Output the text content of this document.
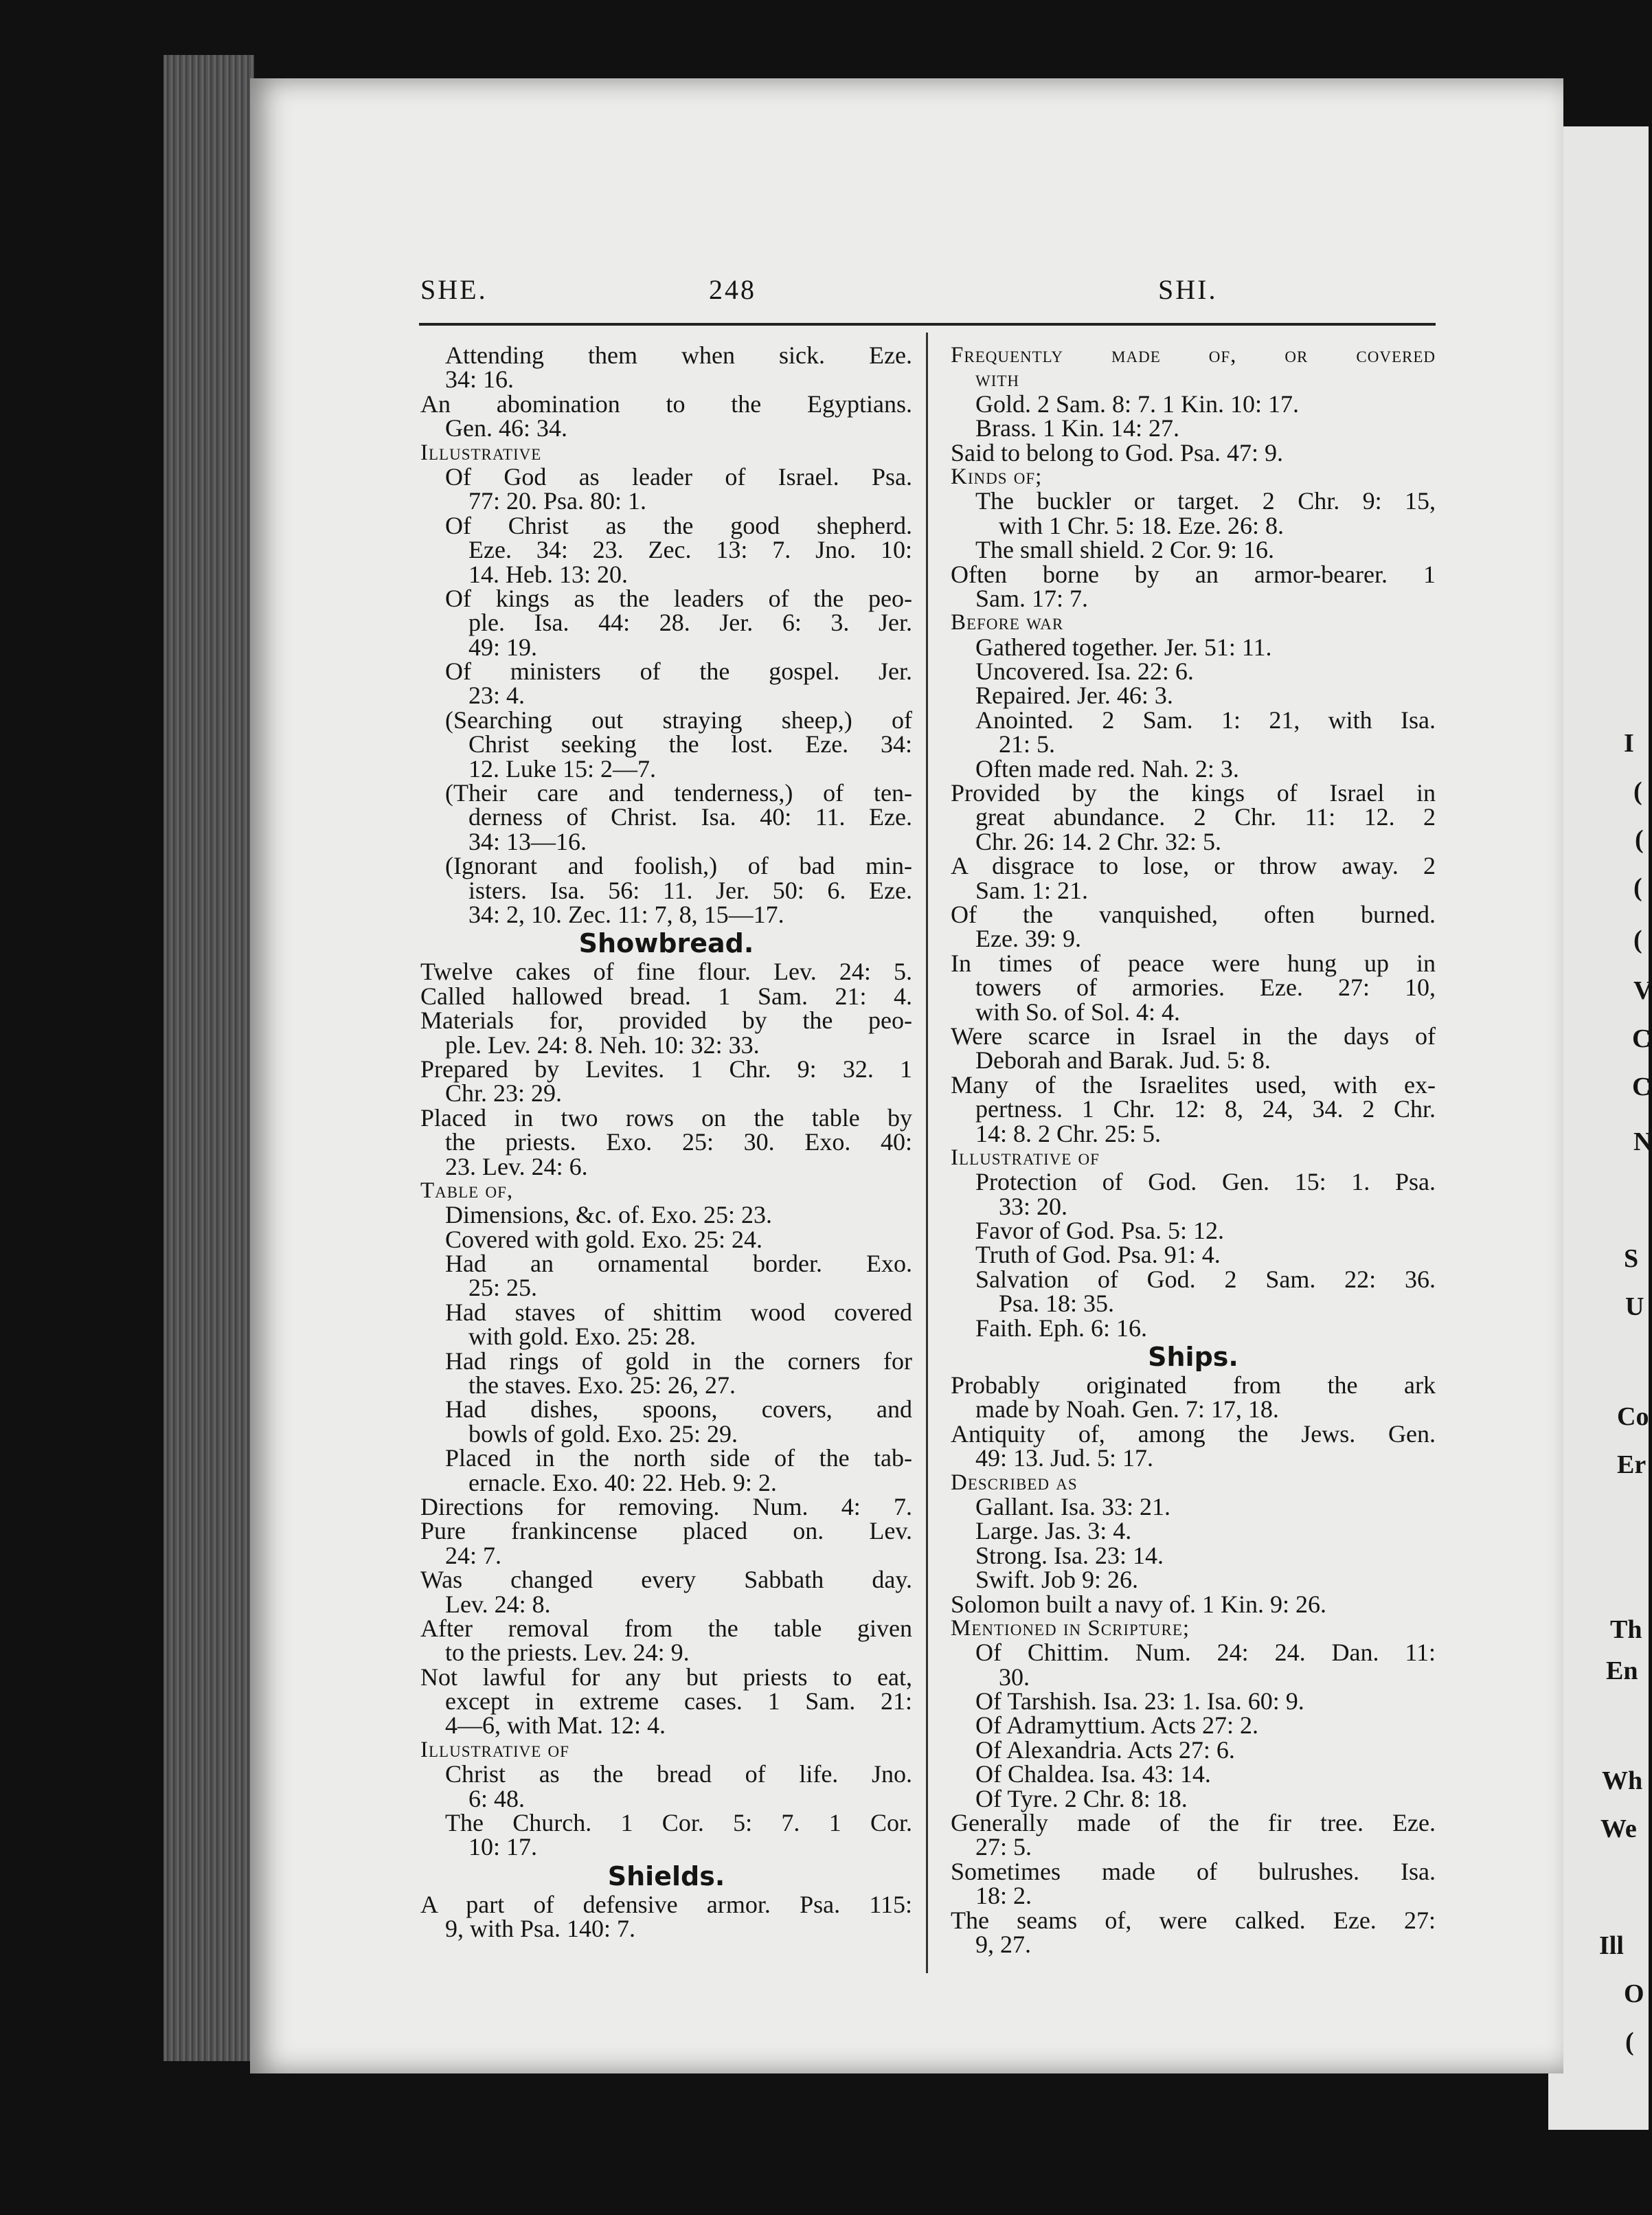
I
(
(
(
(
V
C
C
N
S
U
Co
Er
Th
En
Wh
We
Ill
O
(
SHE.	248	SHI.
Attending them when sick. Eze.
34: 16.
An abomination to the Egyptians.
Gen. 46: 34.
Illustrative
Of God as leader of Israel. Psa.
77: 20. Psa. 80: 1.
Of Christ as the good shepherd.
Eze. 34: 23. Zec. 13: 7. Jno. 10:
14. Heb. 13: 20.
Of kings as the leaders of the peo-
ple. Isa. 44: 28. Jer. 6: 3. Jer.
49: 19.
Of ministers of the gospel. Jer.
23: 4.
(Searching out straying sheep,) of
Christ seeking the lost. Eze. 34:
12. Luke 15: 2—7.
(Their care and tenderness,) of ten-
derness of Christ. Isa. 40: 11. Eze.
34: 13—16.
(Ignorant and foolish,) of bad min-
isters. Isa. 56: 11. Jer. 50: 6. Eze.
34: 2, 10. Zec. 11: 7, 8, 15—17.
Showbread.
Twelve cakes of fine flour. Lev. 24: 5.
Called hallowed bread. 1 Sam. 21: 4.
Materials for, provided by the peo-
ple. Lev. 24: 8. Neh. 10: 32: 33.
Prepared by Levites. 1 Chr. 9: 32. 1
Chr. 23: 29.
Placed in two rows on the table by
the priests. Exo. 25: 30. Exo. 40:
23. Lev. 24: 6.
Table of,
Dimensions, &c. of. Exo. 25: 23.
Covered with gold. Exo. 25: 24.
Had an ornamental border. Exo.
25: 25.
Had staves of shittim wood covered
with gold. Exo. 25: 28.
Had rings of gold in the corners for
the staves. Exo. 25: 26, 27.
Had dishes, spoons, covers, and
bowls of gold. Exo. 25: 29.
Placed in the north side of the tab-
ernacle. Exo. 40: 22. Heb. 9: 2.
Directions for removing. Num. 4: 7.
Pure frankincense placed on. Lev.
24: 7.
Was changed every Sabbath day.
Lev. 24: 8.
After removal from the table given
to the priests. Lev. 24: 9.
Not lawful for any but priests to eat,
except in extreme cases. 1 Sam. 21:
4—6, with Mat. 12: 4.
Illustrative of
Christ as the bread of life. Jno.
6: 48.
The Church. 1 Cor. 5: 7. 1 Cor.
10: 17.
Shields.
A part of defensive armor. Psa. 115:
9, with Psa. 140: 7.
Frequently made of, or covered
with
Gold. 2 Sam. 8: 7. 1 Kin. 10: 17.
Brass. 1 Kin. 14: 27.
Said to belong to God. Psa. 47: 9.
Kinds of;
The buckler or target. 2 Chr. 9: 15,
with 1 Chr. 5: 18. Eze. 26: 8.
The small shield. 2 Cor. 9: 16.
Often borne by an armor-bearer. 1
Sam. 17: 7.
Before war
Gathered together. Jer. 51: 11.
Uncovered. Isa. 22: 6.
Repaired. Jer. 46: 3.
Anointed. 2 Sam. 1: 21, with Isa.
21: 5.
Often made red. Nah. 2: 3.
Provided by the kings of Israel in
great abundance. 2 Chr. 11: 12. 2
Chr. 26: 14. 2 Chr. 32: 5.
A disgrace to lose, or throw away. 2
Sam. 1: 21.
Of the vanquished, often burned.
Eze. 39: 9.
In times of peace were hung up in
towers of armories. Eze. 27: 10,
with So. of Sol. 4: 4.
Were scarce in Israel in the days of
Deborah and Barak. Jud. 5: 8.
Many of the Israelites used, with ex-
pertness. 1 Chr. 12: 8, 24, 34. 2 Chr.
14: 8. 2 Chr. 25: 5.
Illustrative of
Protection of God. Gen. 15: 1. Psa.
33: 20.
Favor of God. Psa. 5: 12.
Truth of God. Psa. 91: 4.
Salvation of God. 2 Sam. 22: 36.
Psa. 18: 35.
Faith. Eph. 6: 16.
Ships.
Probably originated from the ark
made by Noah. Gen. 7: 17, 18.
Antiquity of, among the Jews. Gen.
49: 13. Jud. 5: 17.
Described as
Gallant. Isa. 33: 21.
Large. Jas. 3: 4.
Strong. Isa. 23: 14.
Swift. Job 9: 26.
Solomon built a navy of. 1 Kin. 9: 26.
Mentioned in Scripture;
Of Chittim. Num. 24: 24. Dan. 11:
30.
Of Tarshish. Isa. 23: 1. Isa. 60: 9.
Of Adramyttium. Acts 27: 2.
Of Alexandria. Acts 27: 6.
Of Chaldea. Isa. 43: 14.
Of Tyre. 2 Chr. 8: 18.
Generally made of the fir tree. Eze.
27: 5.
Sometimes made of bulrushes. Isa.
18: 2.
The seams of, were calked. Eze. 27:
9, 27.
